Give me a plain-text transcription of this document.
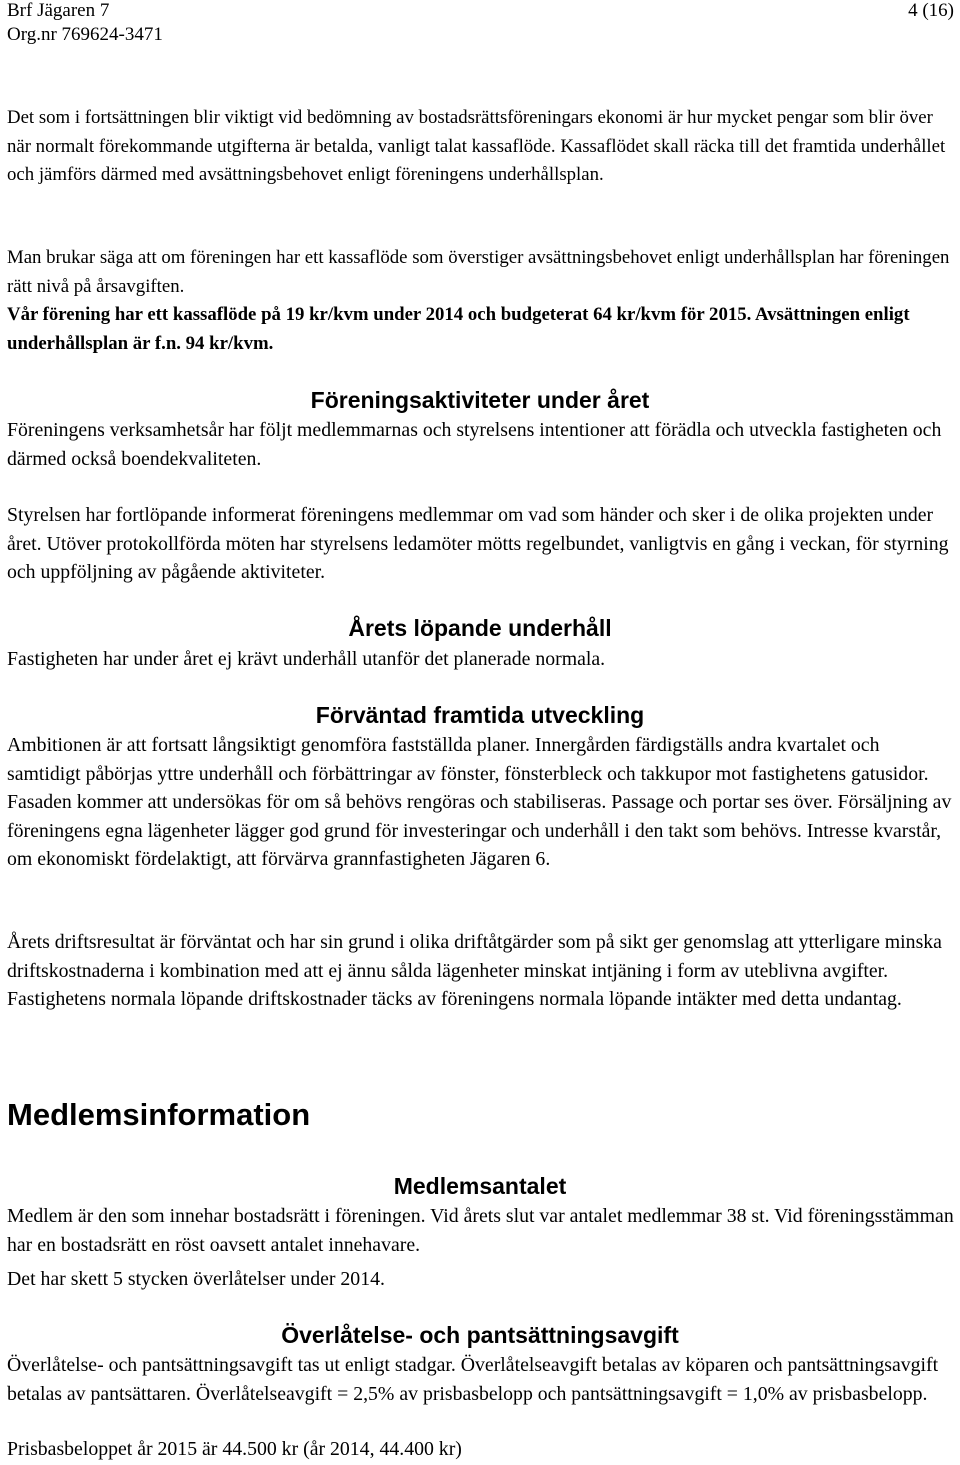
Brf Jägaren 7
Org.nr 769624-3471
4 (16)

Det som i fortsättningen blir viktigt vid bedömning av bostadsrättsföreningars ekonomi är hur mycket pengar som blir över när normalt förekommande utgifterna är betalda, vanligt talat kassaflöde. Kassaflödet skall räcka till det framtida underhållet och jämförs därmed med avsättningsbehovet enligt föreningens underhållsplan.

Man brukar säga att om föreningen har ett kassaflöde som överstiger avsättningsbehovet enligt underhållsplan har föreningen rätt nivå på årsavgiften.

Vår förening har ett kassaflöde på 19 kr/kvm under 2014 och budgeterat 64 kr/kvm för 2015. Avsättningen enligt underhållsplan är f.n. 94 kr/kvm.

Föreningsaktiviteter under året

Föreningens verksamhetsår har följt medlemmarnas och styrelsens intentioner att förädla och utveckla fastigheten och därmed också boendekvaliteten.

Styrelsen har fortlöpande informerat föreningens medlemmar om vad som händer och sker i de olika projekten under året. Utöver protokollförda möten har styrelsens ledamöter mötts regelbundet, vanligtvis en gång i veckan, för styrning och uppföljning av pågående aktiviteter.

Årets löpande underhåll

Fastigheten har under året ej krävt underhåll utanför det planerade normala.

Förväntad framtida utveckling

Ambitionen är att fortsatt långsiktigt genomföra fastställda planer. Innergården färdigställs andra kvartalet och samtidigt påbörjas yttre underhåll och förbättringar av fönster, fönsterbleck och takkupor mot fastighetens gatusidor. Fasaden kommer att undersökas för om så behövs rengöras och stabiliseras. Passage och portar ses över. Försäljning av föreningens egna lägenheter lägger god grund för investeringar och underhåll i den takt som behövs. Intresse kvarstår, om ekonomiskt fördelaktigt, att förvärva grannfastigheten Jägaren 6.

Årets driftsresultat är förväntat och har sin grund i olika driftåtgärder som på sikt ger genomslag att ytterligare minska driftskostnaderna i kombination med att ej ännu sålda lägenheter minskat intjäning i form av uteblivna avgifter. Fastighetens normala löpande driftskostnader täcks av föreningens normala löpande intäkter med detta undantag.

Medlemsinformation
Medlemsantalet

Medlem är den som innehar bostadsrätt i föreningen. Vid årets slut var antalet medlemmar 38 st. Vid föreningsstämman har en bostadsrätt en röst oavsett antalet innehavare.

Det har skett 5 stycken överlåtelser under 2014.

Överlåtelse- och pantsättningsavgift

Överlåtelse- och pantsättningsavgift tas ut enligt stadgar. Överlåtelseavgift betalas av köparen och pantsättningsavgift betalas av pantsättaren. Överlåtelseavgift = 2,5% av prisbasbelopp och pantsättningsavgift = 1,0% av prisbasbelopp.

Prisbasbeloppet år 2015 är 44.500 kr (år 2014, 44.400 kr)
